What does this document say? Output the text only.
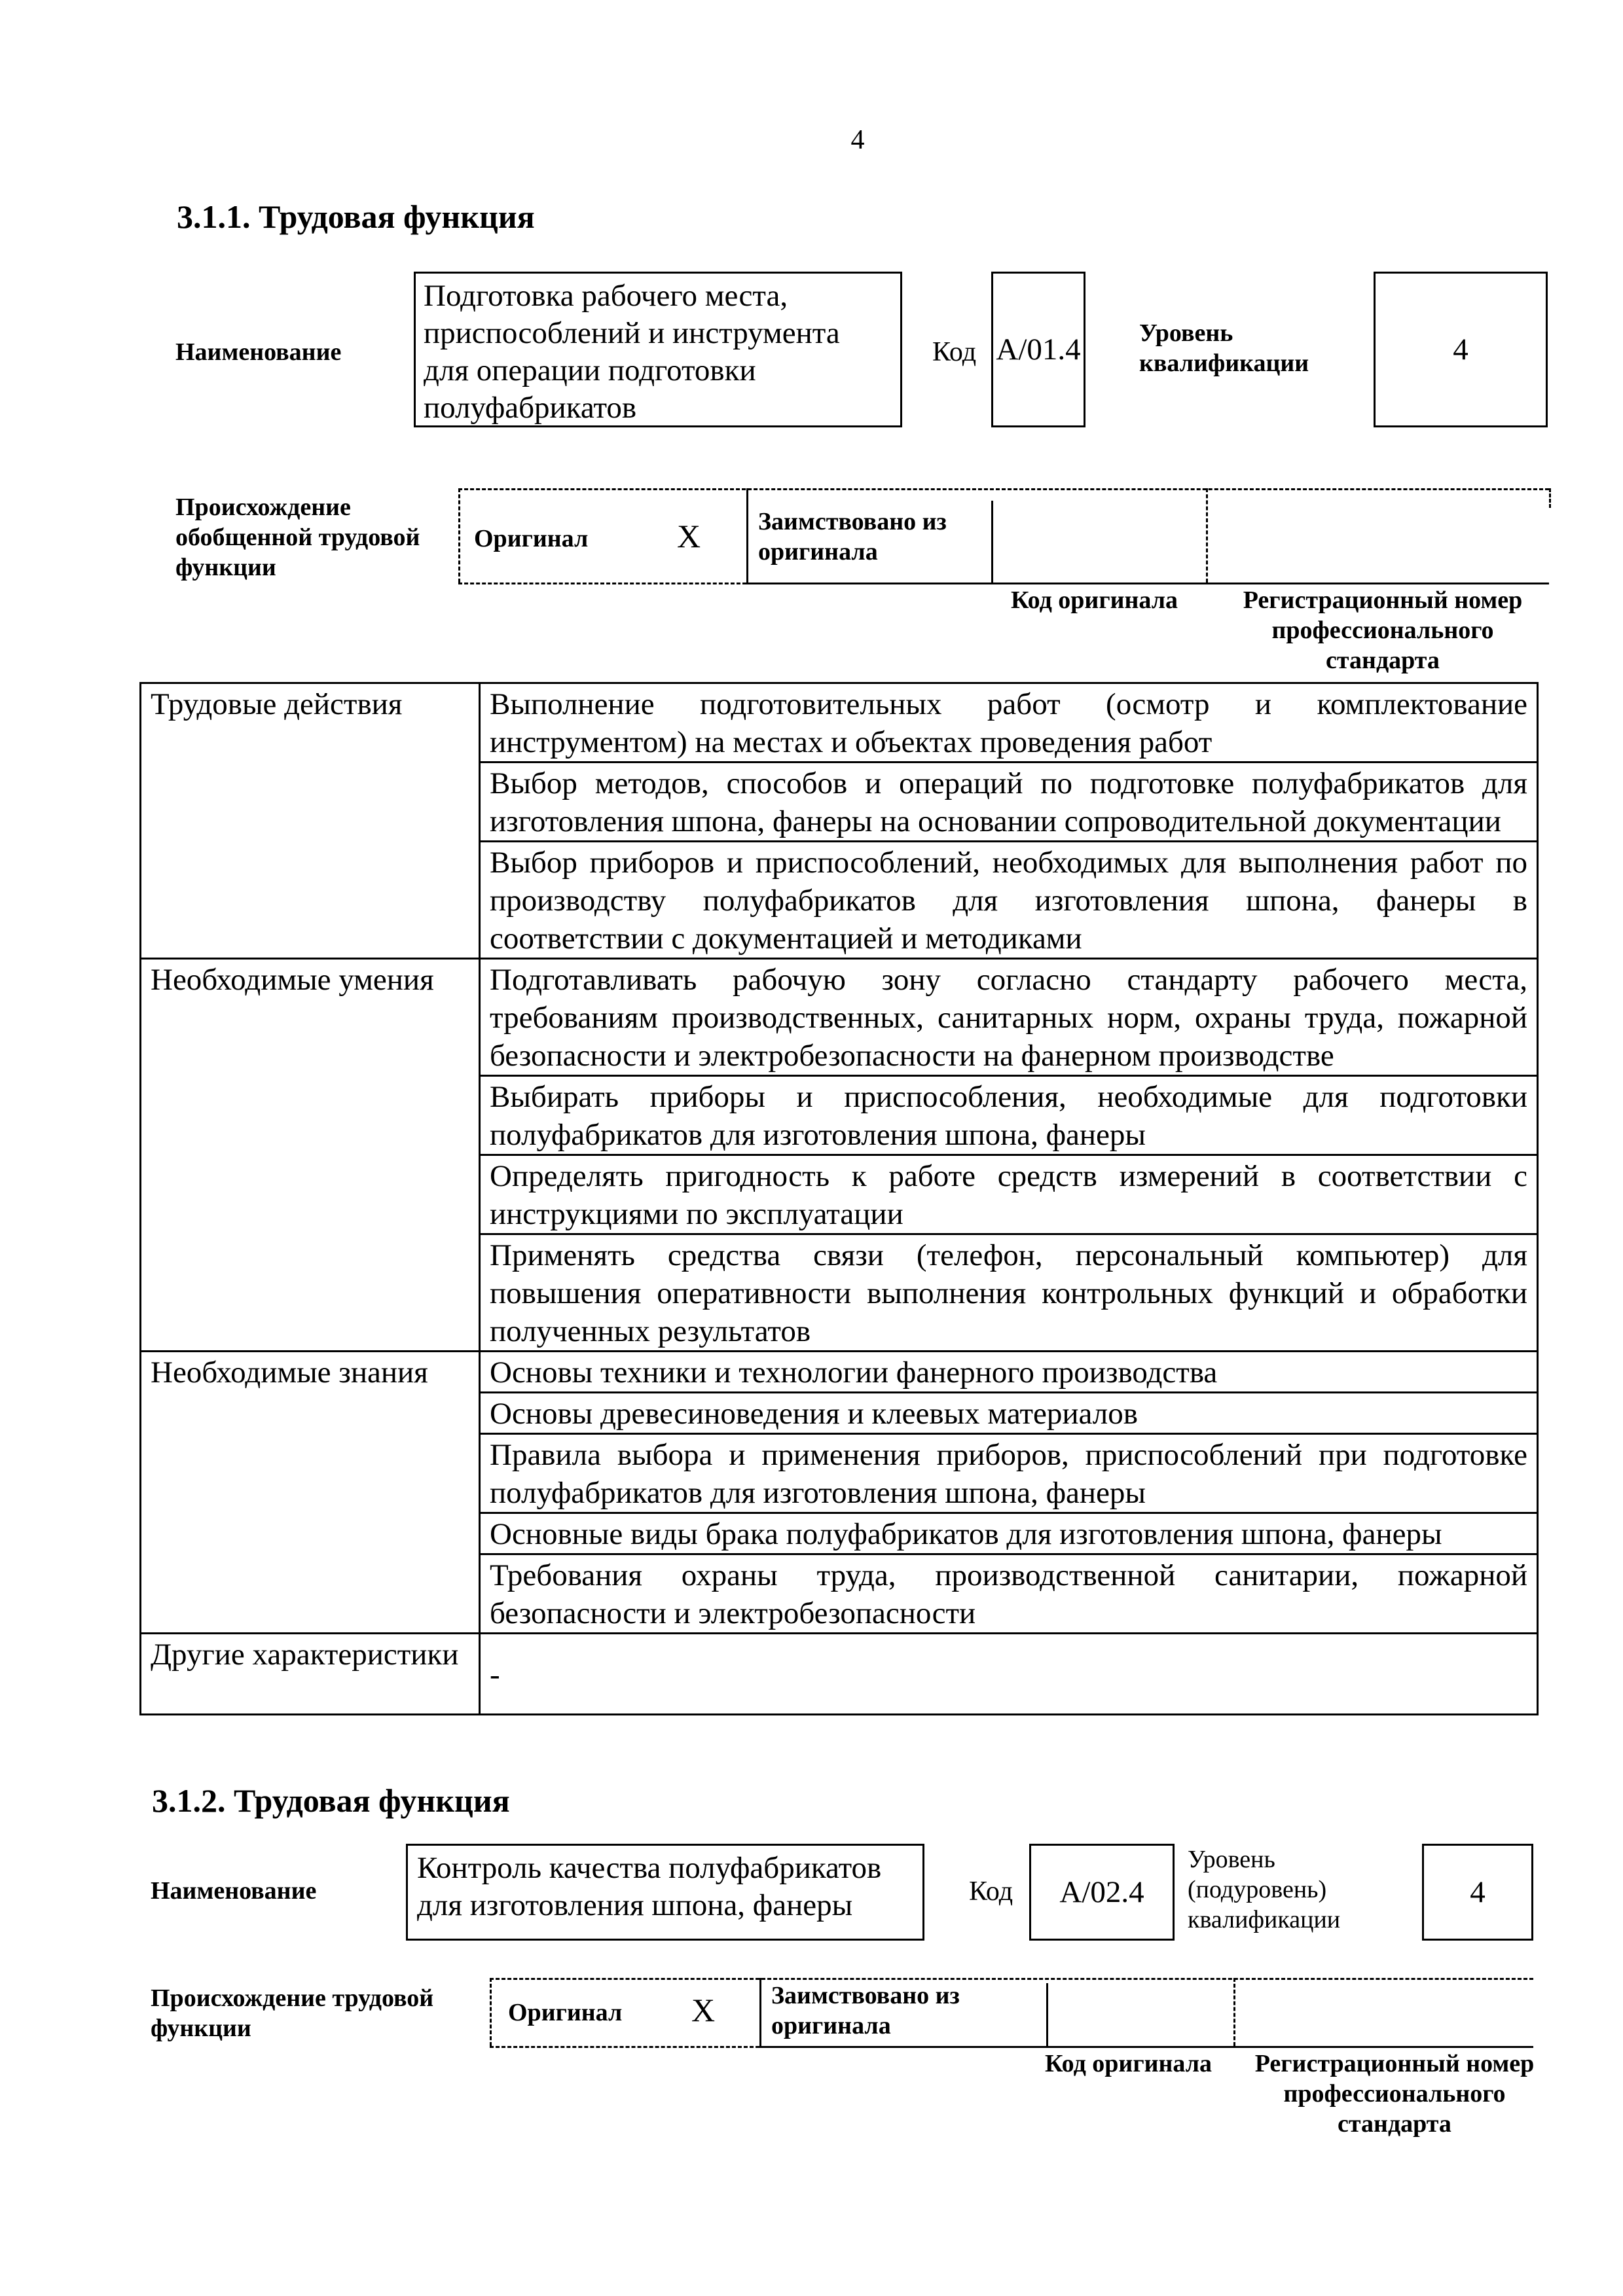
4
3.1.1. Трудовая функция
Наименование
Подготовка рабочего места, приспособлений и инструмента для операции подготовки полуфабрикатов
Код А/01.4 Уровень квалификации	4
Происхождение обобщенной трудовой функции
Оригинал	Х Заимствовано из оригинала
Код оригинала	Регистрационный номер профессионального стандарта
Трудовые действия	Выполнение подготовительных работ (осмотр и комплектование инструментом) на местах и объектах проведения работ
	Выбор методов, способов и операций по подготовке полуфабрикатов для изготовления шпона, фанеры на основании сопроводительной документации
	Выбор приборов и приспособлений, необходимых для выполнения работ по производству полуфабрикатов для изготовления шпона, фанеры в соответствии с документацией и методиками
Необходимые умения	Подготавливать рабочую зону согласно стандарту рабочего места, требованиям производственных, санитарных норм, охраны труда, пожарной безопасности и электробезопасности на фанерном производстве
	Выбирать приборы и приспособления, необходимые для подготовки полуфабрикатов для изготовления шпона, фанеры
	Определять пригодность к работе средств измерений в соответствии с инструкциями по эксплуатации
	Применять средства связи (телефон, персональный компьютер) для повышения оперативности выполнения контрольных функций и обработки полученных результатов
Необходимые знания	Основы техники и технологии фанерного производства
	Основы древесиноведения и клеевых материалов
	Правила выбора и применения приборов, приспособлений при подготовке полуфабрикатов для изготовления шпона, фанеры
	Основные виды брака полуфабрикатов для изготовления шпона, фанеры
	Требования охраны труда, производственной санитарии, пожарной безопасности и электробезопасности
Другие характеристики	-
3.1.2. Трудовая функция
Наименование
Контроль качества полуфабрикатов для изготовления шпона, фанеры	Код А/02.4
Уровень (подуровень) квалификации
4
Происхождение трудовой функции
Оригинал Х Заимствовано из оригинала
Код оригинала	Регистрационный номер профессионального стандарта
